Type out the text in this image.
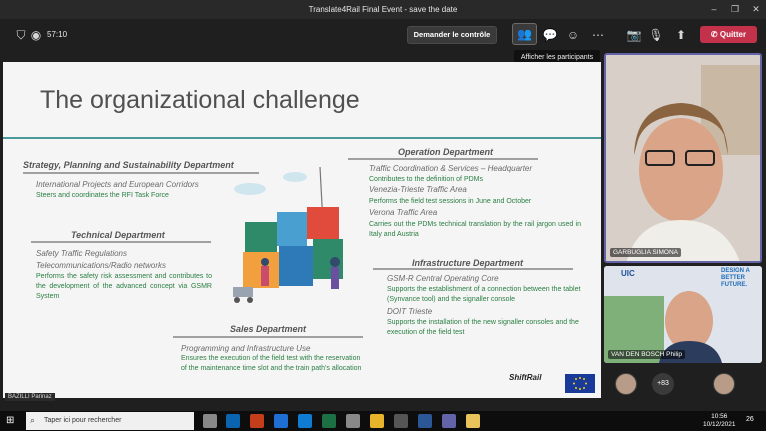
Translate4Rail Final Event - save the date	–	❐	✕
⛉ ◉ 57:10	Demander le contrôle	👥 💬 ☺	⋯	📷 🎙	⬆	✆ Quitter
Afficher les participants
The organizational challenge
Strategy, Planning and Sustainability Department
International Projects and European Corridors
Steers and coordinates the RFI Task Force
Technical Department
Safety Traffic Regulations
Telecommunications/Radio networks
Performs the safety risk assessment and contributes to the development of the advanced concept via GSMR System
Sales Department
Programming and Infrastructure Use
Ensures the execution of the field test with the reservation of the maintenance time slot and the train path’s allocation
Operation Department
Traffic Coordination & Services – Headquarter
Contributes to the definition of PDMs
Venezia-Trieste Traffic Area
Performs the field test sessions in June and October
Verona Traffic Area
Carries out the PDMs technical translation by the rail jargon used in Italy and Austria
Infrastructure Department
GSM-R Central Operating Core
Supports the establishment of a connection between the tablet (Synvance tool) and the signaller console
DOIT Trieste
Supports the installation of the new signaller consoles and the execution of the field test
ShiftRail
GARBUGLIA SIMONA
UIC	DESIGN A BETTER FUTURE.
VAN DEN BOSCH Philip
+83
BAZILLI Parinaz
⊞	Taper ici pour rechercher
⌕	10:56
10/12/2021
26
